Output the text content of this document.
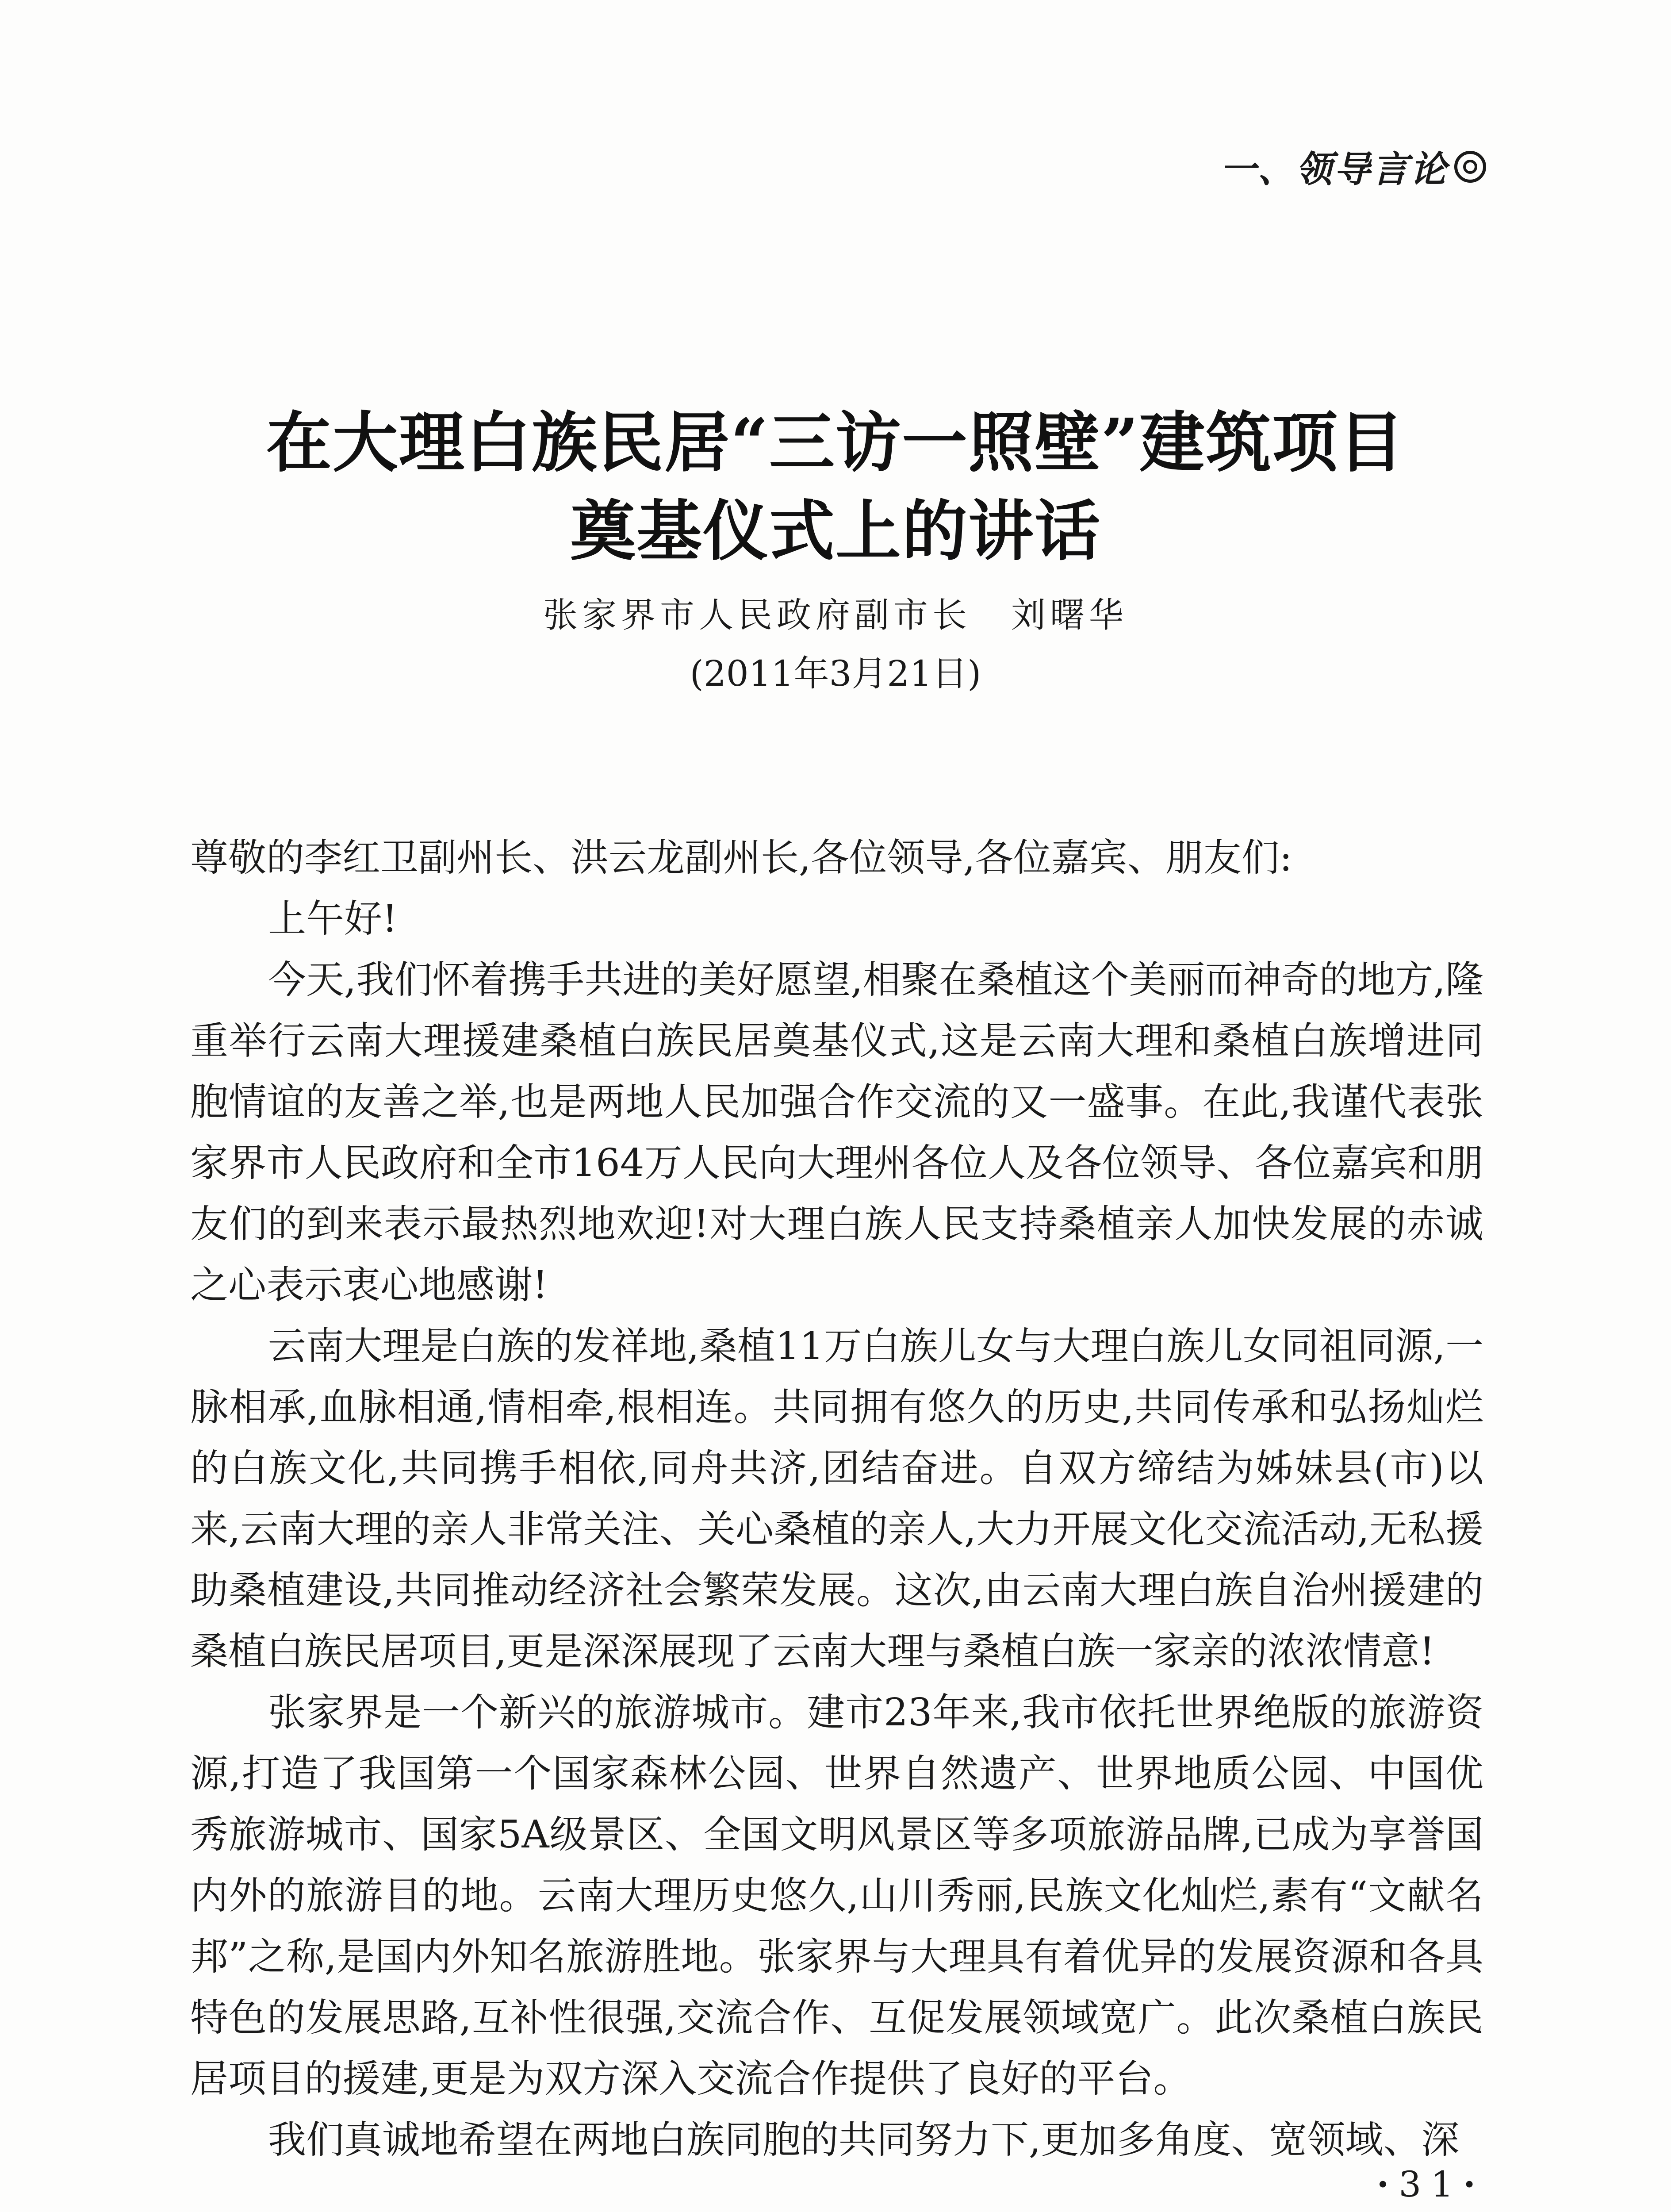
一、领导言论
在大理白族民居“三访一照壁”建筑项目
奠基仪式上的讲话
张家界市人民政府副市长 刘曙华
(2011年3月21日)

尊敬的李红卫副州长、洪云龙副州长,各位领导,各位嘉宾、朋友们:

上午好!

今天,我们怀着携手共进的美好愿望,相聚在桑植这个美丽而神奇的地方,隆重举行云南大理援建桑植白族民居奠基仪式,这是云南大理和桑植白族增进同胞情谊的友善之举,也是两地人民加强合作交流的又一盛事。在此,我谨代表张家界市人民政府和全市164万人民向大理州各位人及各位领导、各位嘉宾和朋友们的到来表示最热烈地欢迎!对大理白族人民支持桑植亲人加快发展的赤诚之心表示衷心地感谢!

云南大理是白族的发祥地,桑植11万白族儿女与大理白族儿女同祖同源,一脉相承,血脉相通,情相牵,根相连。共同拥有悠久的历史,共同传承和弘扬灿烂的白族文化,共同携手相依,同舟共济,团结奋进。自双方缔结为姊妹县(市)以来,云南大理的亲人非常关注、关心桑植的亲人,大力开展文化交流活动,无私援助桑植建设,共同推动经济社会繁荣发展。这次,由云南大理白族自治州援建的桑植白族民居项目,更是深深展现了云南大理与桑植白族一家亲的浓浓情意!

张家界是一个新兴的旅游城市。建市23年来,我市依托世界绝版的旅游资源,打造了我国第一个国家森林公园、世界自然遗产、世界地质公园、中国优秀旅游城市、国家5A级景区、全国文明风景区等多项旅游品牌,已成为享誉国内外的旅游目的地。云南大理历史悠久,山川秀丽,民族文化灿烂,素有“文献名邦”之称,是国内外知名旅游胜地。张家界与大理具有着优异的发展资源和各具特色的发展思路,互补性很强,交流合作、互促发展领域宽广。此次桑植白族民居项目的援建,更是为双方深入交流合作提供了良好的平台。

我们真诚地希望在两地白族同胞的共同努力下,更加多角度、宽领域、深

·31·
